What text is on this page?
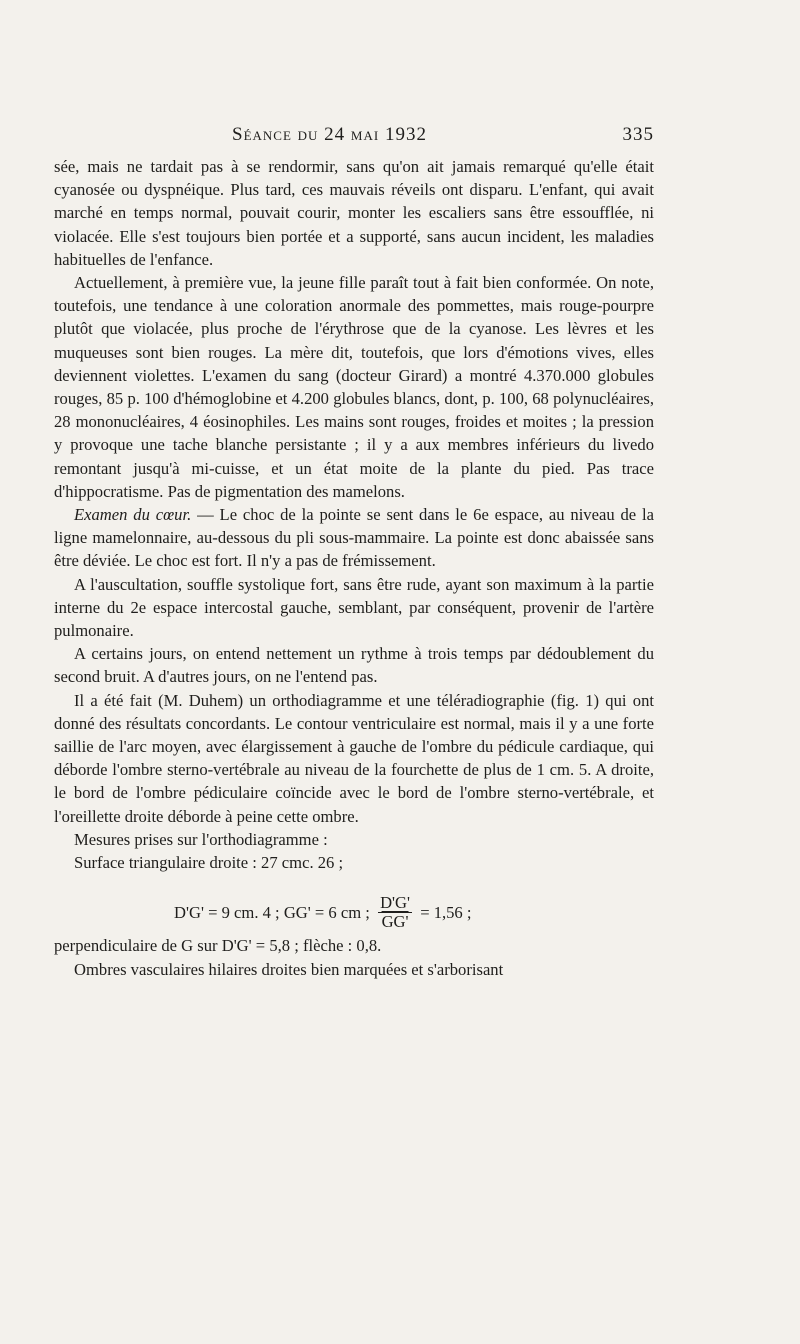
Séance du 24 mai 1932	335

sée, mais ne tardait pas à se rendormir, sans qu'on ait jamais remarqué qu'elle était cyanosée ou dyspnéique. Plus tard, ces mauvais réveils ont disparu. L'enfant, qui avait marché en temps normal, pouvait courir, monter les escaliers sans être essoufflée, ni violacée. Elle s'est toujours bien portée et a supporté, sans aucun incident, les maladies habituelles de l'enfance.

Actuellement, à première vue, la jeune fille paraît tout à fait bien conformée. On note, toutefois, une tendance à une coloration anormale des pommettes, mais rouge-pourpre plutôt que violacée, plus proche de l'érythrose que de la cyanose. Les lèvres et les muqueuses sont bien rouges. La mère dit, toutefois, que lors d'émotions vives, elles deviennent violettes. L'examen du sang (docteur Girard) a montré 4.370.000 globules rouges, 85 p. 100 d'hémoglobine et 4.200 globules blancs, dont, p. 100, 68 polynucléaires, 28 mononucléaires, 4 éosinophiles. Les mains sont rouges, froides et moites ; la pression y provoque une tache blanche persistante ; il y a aux membres inférieurs du livedo remontant jusqu'à mi-cuisse, et un état moite de la plante du pied. Pas trace d'hippocratisme. Pas de pigmentation des mamelons.

Examen du cœur. — Le choc de la pointe se sent dans le 6e espace, au niveau de la ligne mamelonnaire, au-dessous du pli sous-mammaire. La pointe est donc abaissée sans être déviée. Le choc est fort. Il n'y a pas de frémissement.

A l'auscultation, souffle systolique fort, sans être rude, ayant son maximum à la partie interne du 2e espace intercostal gauche, semblant, par conséquent, provenir de l'artère pulmonaire.

A certains jours, on entend nettement un rythme à trois temps par dédoublement du second bruit. A d'autres jours, on ne l'entend pas.

Il a été fait (M. Duhem) un orthodiagramme et une téléradiographie (fig. 1) qui ont donné des résultats concordants. Le contour ventriculaire est normal, mais il y a une forte saillie de l'arc moyen, avec élargissement à gauche de l'ombre du pédicule cardiaque, qui déborde l'ombre sterno-vertébrale au niveau de la fourchette de plus de 1 cm. 5. A droite, le bord de l'ombre pédiculaire coïncide avec le bord de l'ombre sterno-vertébrale, et l'oreillette droite déborde à peine cette ombre.

Mesures prises sur l'orthodiagramme :

Surface triangulaire droite : 27 cmc. 26 ;

D'G' = 9 cm. 4 ; GG' = 6 cm ; $\frac{D'G'}{GG'} = 1,56$ ;

perpendiculaire de G sur D'G' = 5,8 ; flèche : 0,8.

Ombres vasculaires hilaires droites bien marquées et s'arborisant
